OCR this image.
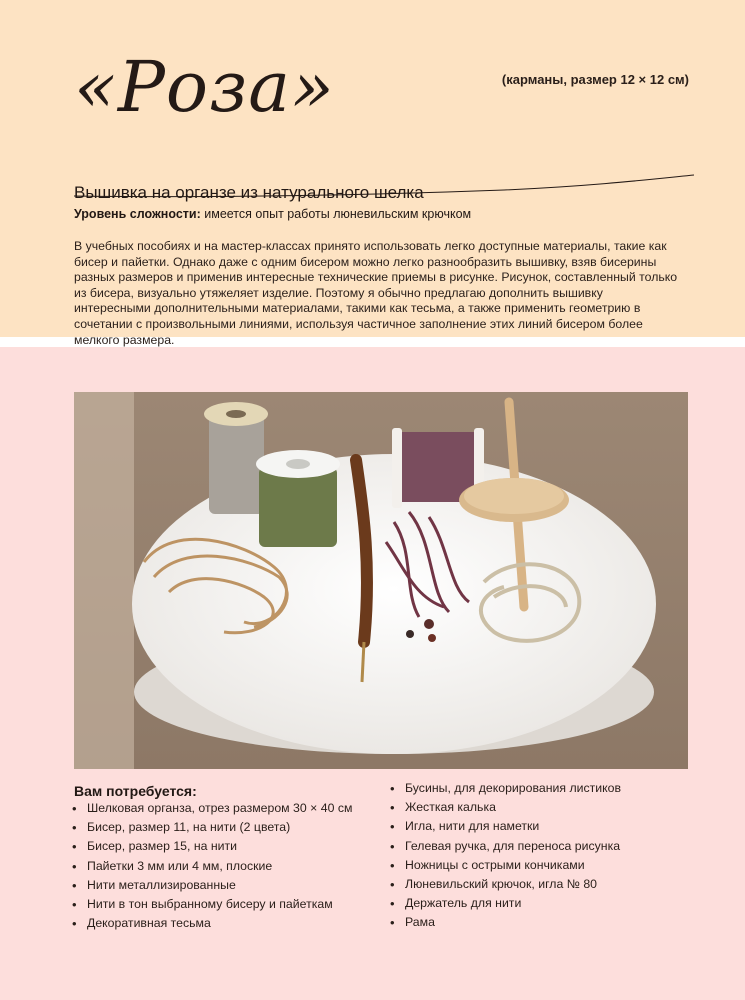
«Роза»	(карманы, размер 12 × 12 см)
Вышивка на органзе из натурального шелка
Уровень сложности: имеется опыт работы люневильским крючком

В учебных пособиях и на мастер-классах принято использовать легко доступные материалы, такие как бисер и пайетки. Однако даже с одним бисером можно легко разнообразить вышивку, взяв бисерины разных размеров и применив интересные технические приемы в рисунке. Рисунок, составленный только из бисера, визуально утяжеляет изделие. Поэтому я обычно предлагаю дополнить вышивку интересными дополнительными материалами, такими как тесьма, а также применить геометрию в сочетании с произвольными линиями, используя частичное заполнение этих линий бисером более мелкого размера.

Вам потребуется:
• Шелковая органза, отрез размером 30 × 40 см
• Бисер, размер 11, на нити (2 цвета)
• Бисер, размер 15, на нити
• Пайетки 3 мм или 4 мм, плоские
• Нити металлизированные
• Нити в тон выбранному бисеру и пайеткам
• Декоративная тесьма
• Бусины, для декорирования листиков
• Жесткая калька
• Игла, нити для наметки
• Гелевая ручка, для переноса рисунка
• Ножницы с острыми кончиками
• Люневильский крючок, игла № 80
• Держатель для нити
• Рама
